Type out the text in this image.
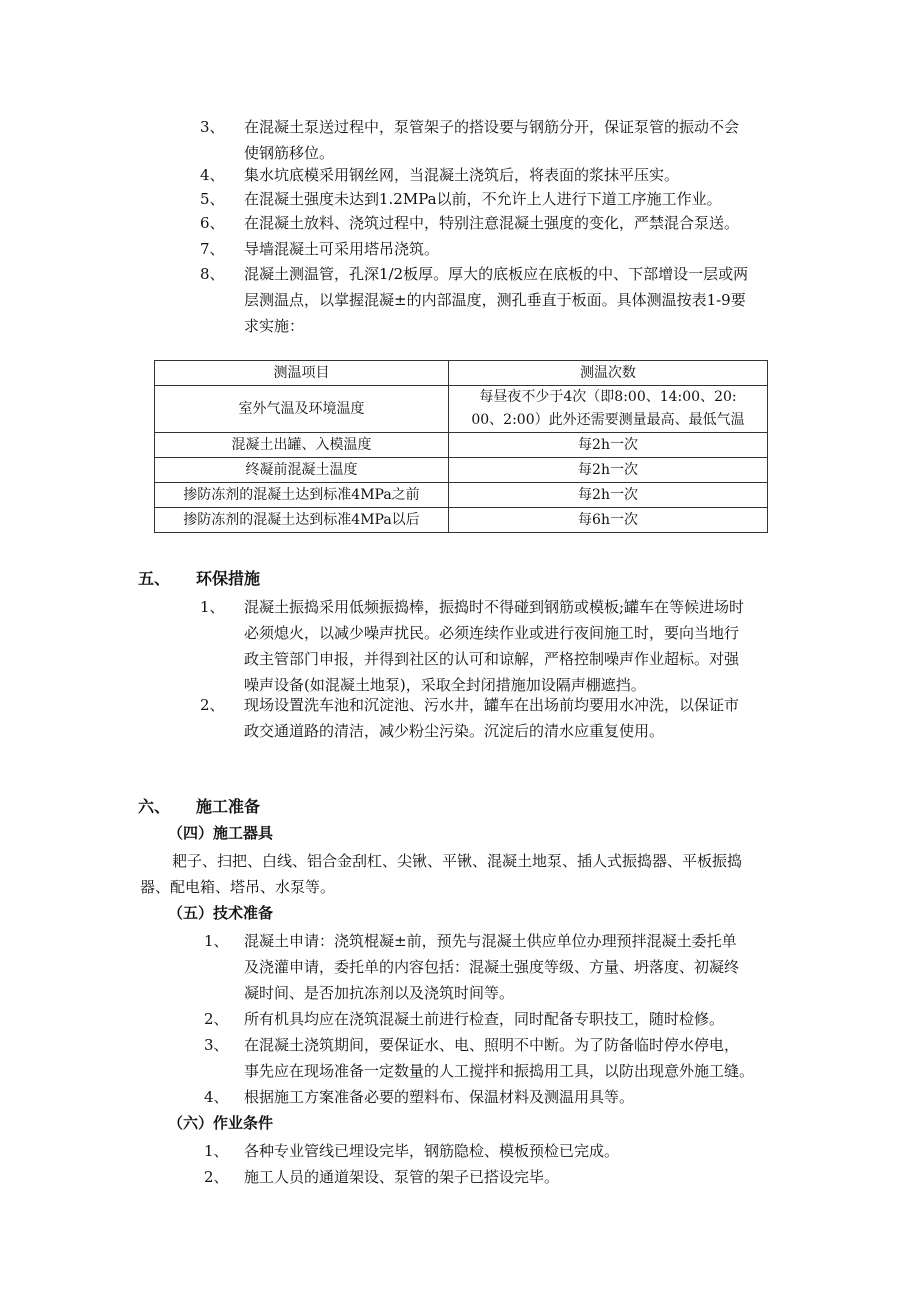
3、	在混凝土泵送过程中，泵管架子的搭设要与钢筋分开，保证泵管的振动不会
使钢筋移位。
4、	集水坑底模采用钢丝网，当混凝土浇筑后，将表面的浆抹平压实。
5、	在混凝土强度未达到1.2MPa以前，不允许上人进行下道工序施工作业。
6、	在混凝土放料、浇筑过程中，特别注意混凝土强度的变化，严禁混合泵送。
7、	导墙混凝土可采用塔吊浇筑。
8、	混凝土测温管，孔深1/2板厚。厚大的底板应在底板的中、下部增设一层或两
层测温点，以掌握混凝±的内部温度，测孔垂直于板面。具体测温按表1-9要
求实施：
测温项目	测温次数
室外气温及环境温度	每昼夜不少于4次（即8:00、14:00、20:
00、2:00）此外还需要测量最高、最低气温

混凝土出罐、入模温度	每2h一次
终凝前混凝土温度	每2h一次
掺防冻剂的混凝土达到标准4MPa之前	每2h一次
掺防冻剂的混凝土达到标准4MPa以后	每6h一次
五、 环保措施
1、	混凝土振捣采用低频振捣棒，振捣时不得碰到钢筋或模板;罐车在等候进场时
必须熄火，以减少噪声扰民。必须连续作业或进行夜间施工时，要向当地行
政主管部门申报，并得到社区的认可和谅解，严格控制噪声作业超标。对强
噪声设备(如混凝土地泵)，采取全封闭措施加设隔声棚遮挡。
2、	现场设置洗车池和沉淀池、污水井，罐车在出场前均要用水冲洗，以保证市
政交通道路的清洁，减少粉尘污染。沉淀后的清水应重复使用。
六、 施工准备
（四）施工器具
耙子、扫把、白线、铝合金刮杠、尖锹、平锹、混凝土地泵、插人式振捣器、平板振捣
器、配电箱、塔吊、水泵等。
（五）技术准备
1、	混凝土申请：浇筑棍凝±前，预先与混凝土供应单位办理预拌混凝土委托单
及浇灌申请，委托单的内容包括：混凝土强度等级、方量、坍落度、初凝终
凝时间、是否加抗冻剂以及浇筑时间等。
2、	所有机具均应在浇筑混凝土前进行检查，同时配备专职技工，随时检修。
3、	在混凝土浇筑期间，要保证水、电、照明不中断。为了防备临时停水停电，
事先应在现场准备一定数量的人工搅拌和振捣用工具，以防出现意外施工缝。
4、	根据施工方案准备必要的塑料布、保温材料及测温用具等。
（六）作业条件
1、	各种专业管线已埋设完毕，钢筋隐检、模板预检已完成。
2、	施工人员的通道架设、泵管的架子已搭设完毕。
